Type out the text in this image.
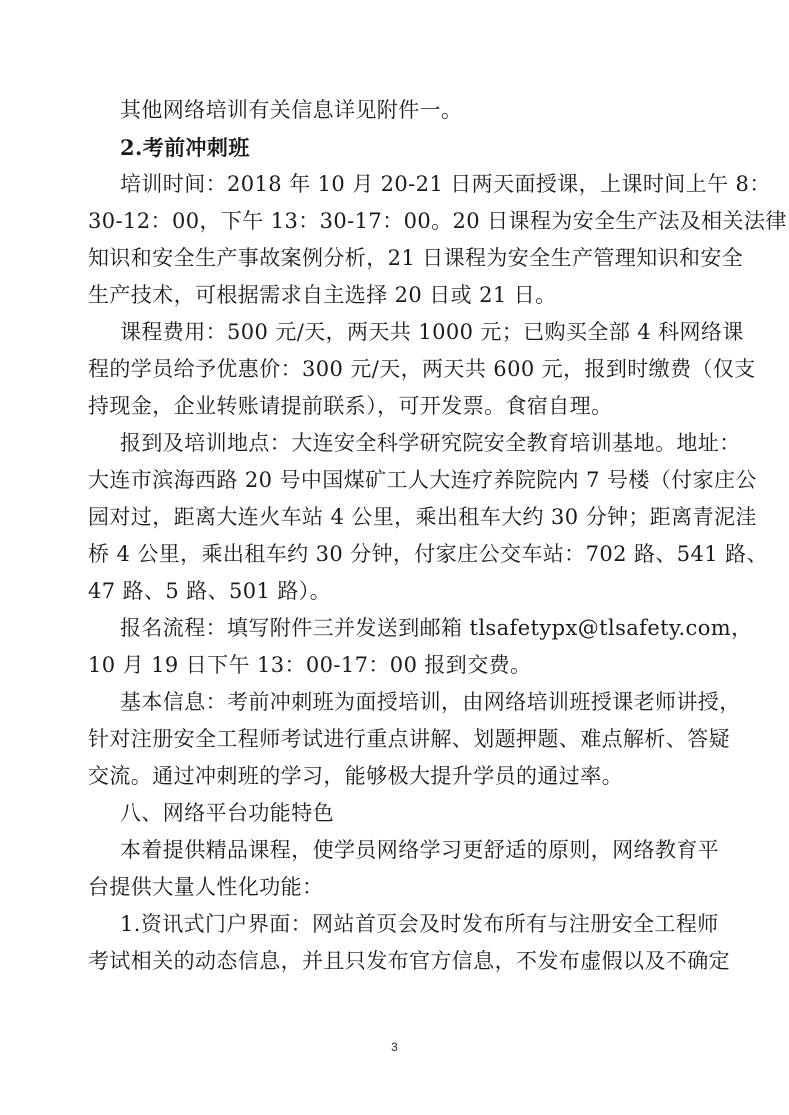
其他网络培训有关信息详见附件一。
2.考前冲刺班
培训时间：2018 年 10 月 20-21 日两天面授课，上课时间上午 8：
30-12：00，下午 13：30-17：00。20 日课程为安全生产法及相关法律
知识和安全生产事故案例分析，21 日课程为安全生产管理知识和安全
生产技术，可根据需求自主选择 20 日或 21 日。
课程费用：500 元/天，两天共 1000 元；已购买全部 4 科网络课
程的学员给予优惠价：300 元/天，两天共 600 元，报到时缴费（仅支
持现金，企业转账请提前联系），可开发票。食宿自理。
报到及培训地点：大连安全科学研究院安全教育培训基地。地址：
大连市滨海西路 20 号中国煤矿工人大连疗养院院内 7 号楼（付家庄公
园对过，距离大连火车站 4 公里，乘出租车大约 30 分钟；距离青泥洼
桥 4 公里，乘出租车约 30 分钟，付家庄公交车站：702 路、541 路、
47 路、5 路、501 路）。
报名流程：填写附件三并发送到邮箱 tlsafetypx@tlsafety.com，
10 月 19 日下午 13：00-17：00 报到交费。
基本信息：考前冲刺班为面授培训，由网络培训班授课老师讲授，
针对注册安全工程师考试进行重点讲解、划题押题、难点解析、答疑
交流。通过冲刺班的学习，能够极大提升学员的通过率。
八、网络平台功能特色
本着提供精品课程，使学员网络学习更舒适的原则，网络教育平
台提供大量人性化功能：
1.资讯式门户界面：网站首页会及时发布所有与注册安全工程师
考试相关的动态信息，并且只发布官方信息，不发布虚假以及不确定
3
